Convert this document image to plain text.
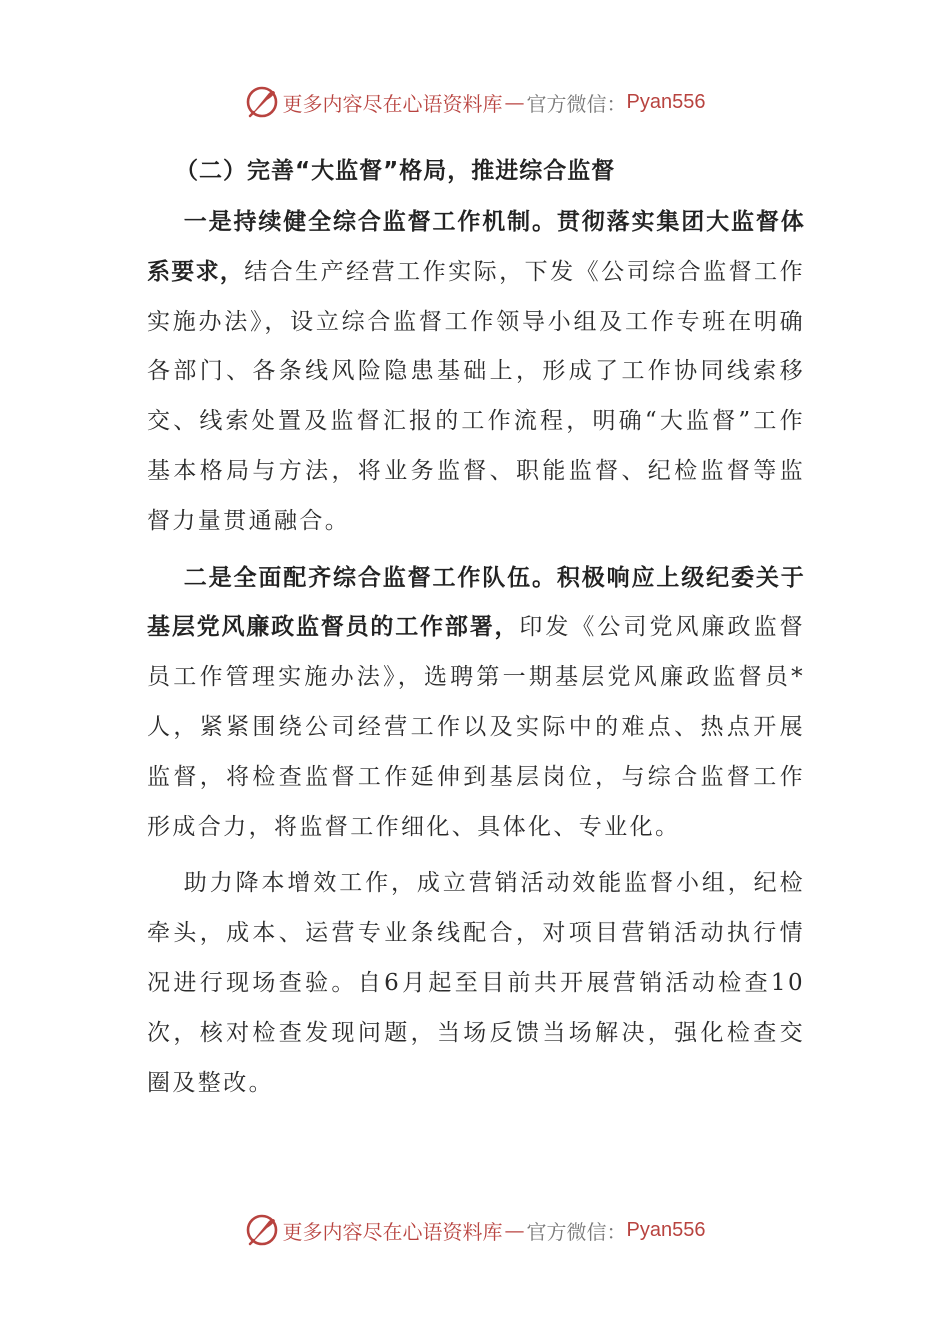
更多内容尽在心语资料库 — 官方微信： Pyan556
（二）完善“大监督”格局，推进综合监督

一是持续健全综合监督工作机制。贯彻落实集团大监督体系要求，结合生产经营工作实际，下发《公司综合监督工作实施办法》，设立综合监督工作领导小组及工作专班在明确各部门、各条线风险隐患基础上，形成了工作协同线索移交、线索处置及监督汇报的工作流程，明确“大监督”工作基本格局与方法，将业务监督、职能监督、纪检监督等监督力量贯通融合。

二是全面配齐综合监督工作队伍。积极响应上级纪委关于基层党风廉政监督员的工作部署，印发《公司党风廉政监督员工作管理实施办法》，选聘第一期基层党风廉政监督员*人，紧紧围绕公司经营工作以及实际中的难点、热点开展监督，将检查监督工作延伸到基层岗位，与综合监督工作形成合力，将监督工作细化、具体化、专业化。

助力降本增效工作，成立营销活动效能监督小组，纪检牵头，成本、运营专业条线配合，对项目营销活动执行情况进行现场查验。自6月起至目前共开展营销活动检查10次，核对检查发现问题，当场反馈当场解决，强化检查交圈及整改。

更多内容尽在心语资料库 — 官方微信： Pyan556
